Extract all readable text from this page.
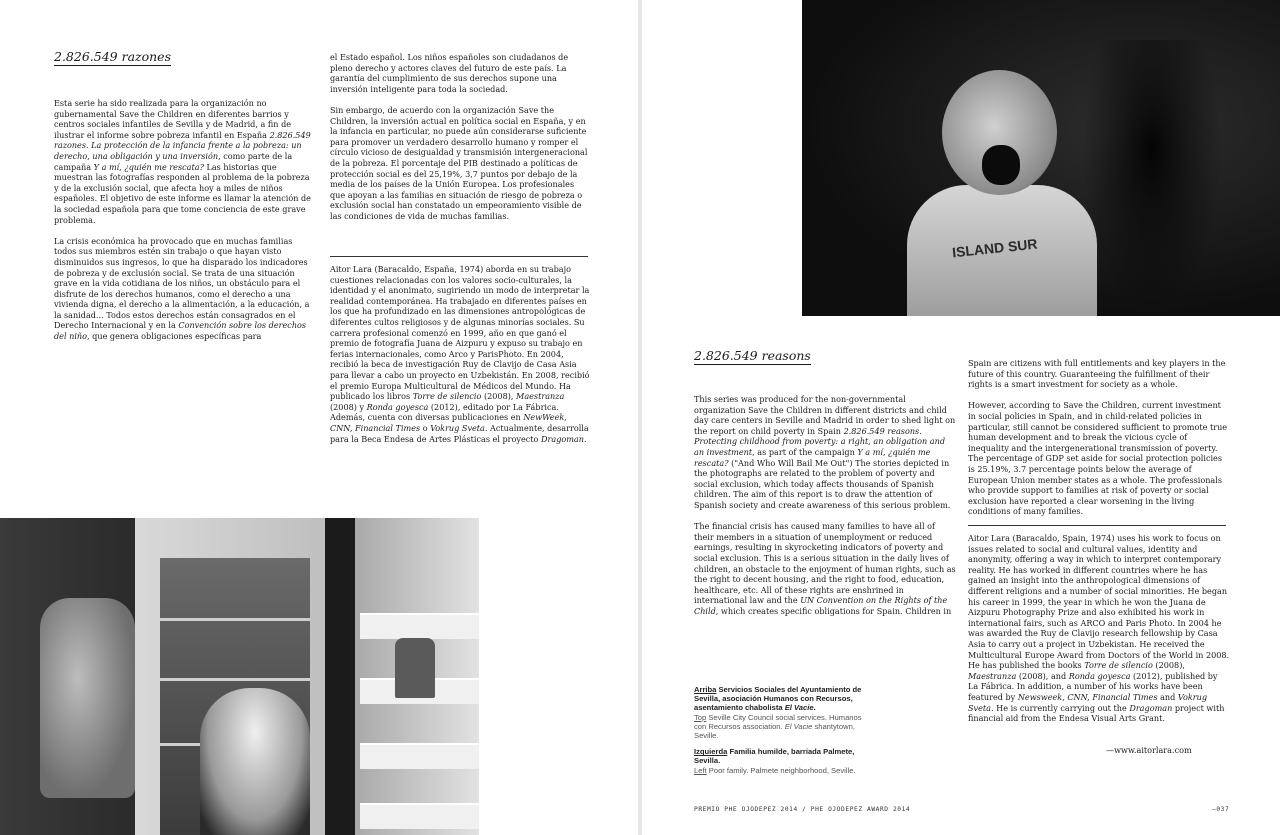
2.826.549 razones

Esta serie ha sido realizada para la organización no gubernamental Save the Children en diferentes barrios y centros sociales infantiles de Sevilla y de Madrid, a fin de ilustrar el informe sobre pobreza infantil en España 2.826.549 razones. La protección de la infancia frente a la pobreza: un derecho, una obligación y una inversión, como parte de la campaña Y a mí, ¿quién me rescata? Las historias que muestran las fotografías responden al problema de la pobreza y de la exclusión social, que afecta hoy a miles de niños españoles. El objetivo de este informe es llamar la atención de la sociedad española para que tome conciencia de este grave problema.

La crisis económica ha provocado que en muchas familias todos sus miembros estén sin trabajo o que hayan visto disminuidos sus ingresos, lo que ha disparado los indicadores de pobreza y de exclusión social. Se trata de una situación grave en la vida cotidiana de los niños, un obstáculo para el disfrute de los derechos humanos, como el derecho a una vivienda digna, el derecho a la alimentación, a la educación, a la sanidad... Todos estos derechos están consagrados en el Derecho Internacional y en la Convención sobre los derechos del niño, que genera obligaciones específicas para

el Estado español. Los niños españoles son ciudadanos de pleno derecho y actores claves del futuro de este país. La garantía del cumplimiento de sus derechos supone una inversión inteligente para toda la sociedad.

Sin embargo, de acuerdo con la organización Save the Children, la inversión actual en política social en España, y en la infancia en particular, no puede aún considerarse suficiente para promover un verdadero desarrollo humano y romper el círculo vicioso de desigualdad y transmisión intergeneracional de la pobreza. El porcentaje del PIB destinado a políticas de protección social es del 25,19%, 3,7 puntos por debajo de la media de los países de la Unión Europea. Los profesionales que apoyan a las familias en situación de riesgo de pobreza o exclusión social han constatado un empeoramiento visible de las condiciones de vida de muchas familias.

Aitor Lara (Baracaldo, España, 1974) aborda en su trabajo cuestiones relacionadas con los valores socio-culturales, la identidad y el anonimato, sugiriendo un modo de interpretar la realidad contemporánea. Ha trabajado en diferentes países en los que ha profundizado en las dimensiones antropológicas de diferentes cultos religiosos y de algunas minorías sociales. Su carrera profesional comenzó en 1999, año en que ganó el premio de fotografía Juana de Aizpuru y expuso su trabajo en ferias internacionales, como Arco y ParisPhoto. En 2004, recibió la beca de investigación Ruy de Clavijo de Casa Asia para llevar a cabo un proyecto en Uzbekistán. En 2008, recibió el premio Europa Multicultural de Médicos del Mundo. Ha publicado los libros Torre de silencio (2008), Maestranza (2008) y Ronda goyesca (2012), editado por La Fábrica. Además, cuenta con diversas publicaciones en NewWeek, CNN, Financial Times o Vokrug Sveta. Actualmente, desarrolla para la Beca Endesa de Artes Plásticas el proyecto Dragoman.

ISLAND SUR
2.826.549 reasons

This series was produced for the non-governmental organization Save the Children in different districts and child day care centers in Seville and Madrid in order to shed light on the report on child poverty in Spain 2.826.549 reasons. Protecting childhood from poverty: a right, an obligation and an investment, as part of the campaign Y a mí, ¿quién me rescata? ("And Who Will Bail Me Out") The stories depicted in the photographs are related to the problem of poverty and social exclusion, which today affects thousands of Spanish children. The aim of this report is to draw the attention of Spanish society and create awareness of this serious problem.

The financial crisis has caused many families to have all of their members in a situation of unemployment or reduced earnings, resulting in skyrocketing indicators of poverty and social exclusion. This is a serious situation in the daily lives of children, an obstacle to the enjoyment of human rights, such as the right to decent housing, and the right to food, education, healthcare, etc. All of these rights are enshrined in international law and the UN Convention on the Rights of the Child, which creates specific obligations for Spain. Children in

Spain are citizens with full entitlements and key players in the future of this country. Guaranteeing the fulfillment of their rights is a smart investment for society as a whole.

However, according to Save the Children, current investment in social policies in Spain, and in child-related policies in particular, still cannot be considered sufficient to promote true human development and to break the vicious cycle of inequality and the intergenerational transmission of poverty. The percentage of GDP set aside for social protection policies is 25.19%, 3.7 percentage points below the average of European Union member states as a whole. The professionals who provide support to families at risk of poverty or social exclusion have reported a clear worsening in the living conditions of many families.

Aitor Lara (Baracaldo, Spain, 1974) uses his work to focus on issues related to social and cultural values, identity and anonymity, offering a way in which to interpret contemporary reality. He has worked in different countries where he has gained an insight into the anthropological dimensions of different religions and a number of social minorities. He began his career in 1999, the year in which he won the Juana de Aizpuru Photography Prize and also exhibited his work in international fairs, such as ARCO and Paris Photo. In 2004 he was awarded the Ruy de Clavijo research fellowship by Casa Asia to carry out a project in Uzbekistan. He received the Multicultural Europe Award from Doctors of the World in 2008. He has published the books Torre de silencio (2008), Maestranza (2008), and Ronda goyesca (2012), published by La Fábrica. In addition, a number of his works have been featured by Newsweek, CNN, Financial Times and Vokrug Sveta. He is currently carrying out the Dragoman project with financial aid from the Endesa Visual Arts Grant.

—www.aitorlara.com
Arriba Servicios Sociales del Ayuntamiento de Sevilla, asociación Humanos con Recursos, asentamiento chabolista El Vacie.
Top Seville City Council social services. Humanos con Recursos association. El Vacie shantytown, Seville.
Izquierda Familia humilde, barriada Palmete, Sevilla.
Left Poor family. Palmete neighborhood, Seville.
PREMIO PHE OJODEPEZ 2014 / PHE OJODEPEZ AWARD 2014	—037
